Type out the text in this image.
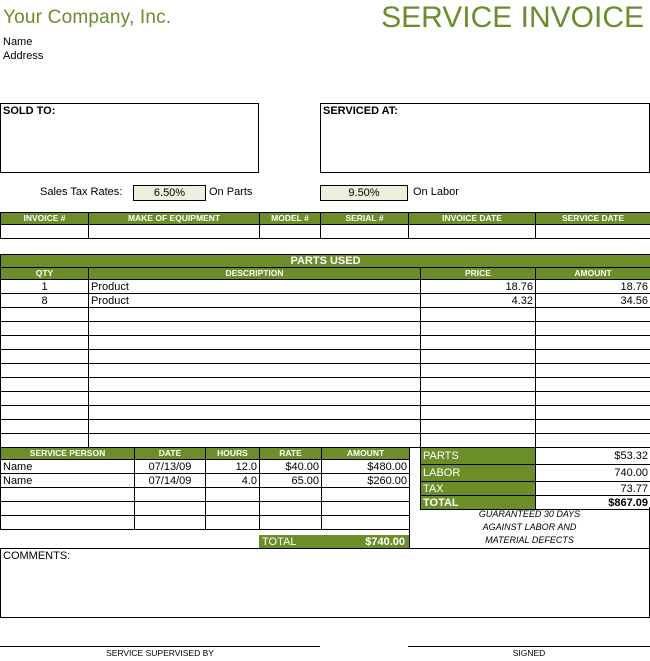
Your Company, Inc.	SERVICE INVOICE
Name
Address
SOLD TO:	SERVICED AT:
Sales Tax Rates:	6.50%	On Parts	9.50%	On Labor
INVOICE #	MAKE OF EQUIPMENT	MODEL #	SERIAL #	INVOICE DATE	SERVICE DATE

PARTS USED			
QTY	DESCRIPTION	PRICE	AMOUNT
1	Product	18.76	18.76
8	Product	4.32	34.56

SERVICE PERSON	DATE	HOURS	RATE	AMOUNT
Name	07/13/09	12.0	$40.00	$480.00
Name	07/14/09	4.0	65.00	$260.00

TOTAL	$740.00
PARTS	$53.32
LABOR	740.00
TAX	73.77
TOTAL	$867.09
GUARANTEED 30 DAYS
AGAINST LABOR AND
MATERIAL DEFECTS
COMMENTS:
SERVICE SUPERVISED BY	SIGNED
